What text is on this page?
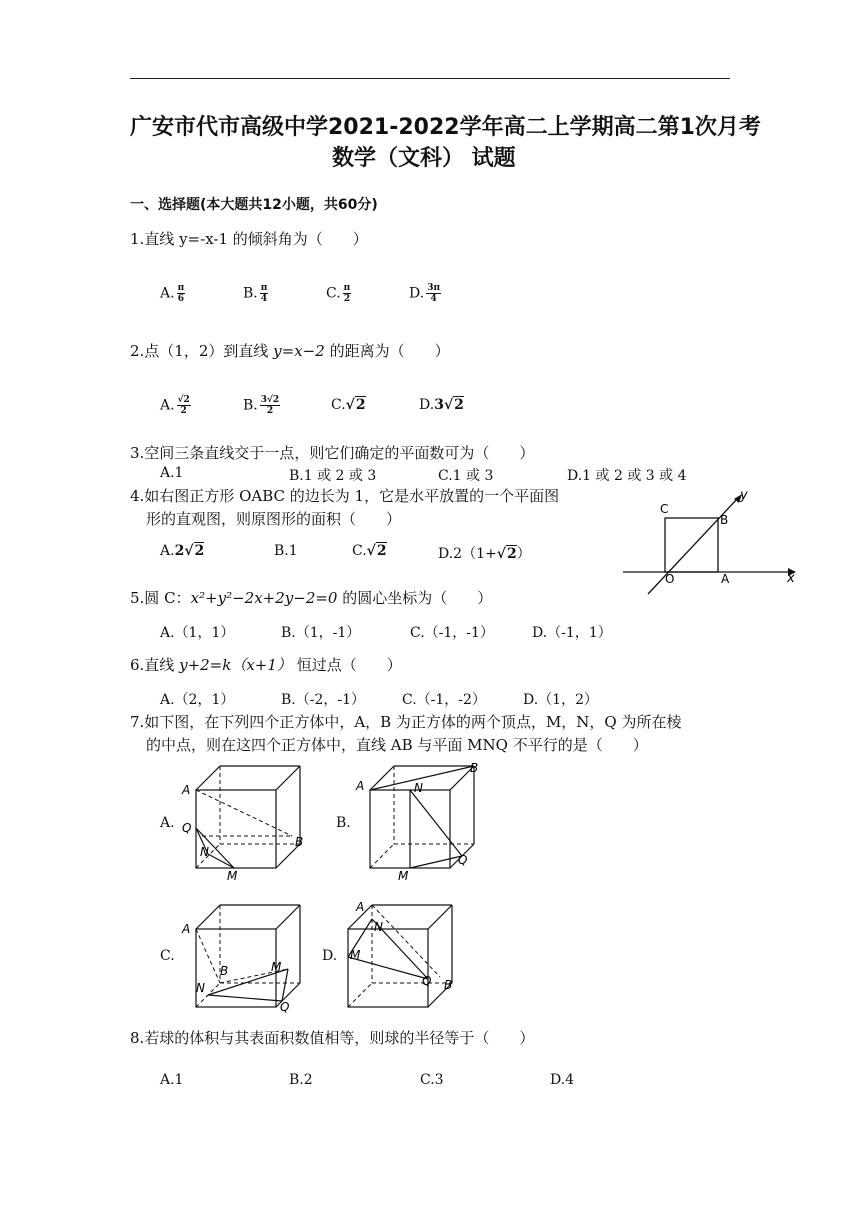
广安市代市高级中学2021-2022学年高二上学期高二第1次月考
数学（文科） 试题
一、选择题(本大题共12小题，共60分)
1.直线 y=-x-1 的倾斜角为（　　）
A. $\frac{\pi}{6}$	B. $\frac{\pi}{4}$	C. $\frac{\pi}{2}$	D. $\frac{3\pi}{4}$
2.点（1，2）到直线 y=x−2 的距离为（　　）
A. $\frac{√2}{2}$	B. $\frac{3√2}{2}$	C.√2	D.3√2
3.空间三条直线交于一点，则它们确定的平面数可为（　　）
A.1	B.1 或 2 或 3	C.1 或 3	D.1 或 2 或 3 或 4
4.如右图正方形 OABC 的边长为 1，它是水平放置的一个平面图
形的直观图，则原图形的面积（　　）
A.2√2	B.1	C.√2	D.2（1+√2）
y
x
C
B
O	A
5.圆 C：x²+y²−2x+2y−2=0 的圆心坐标为（　　）
A.（1，1）	B.（1，-1）	C.（-1，-1）	D.（-1，1）
6.直线 y+2=k（x+1） 恒过点（　　）
A.（2，1）	B.（-2，-1）	C.（-1，-2）	D.（1，2）
7.如下图，在下列四个正方体中，A，B 为正方体的两个顶点，M，N，Q 为所在棱
的中点，则在这四个正方体中，直线 AB 与平面 MNQ 不平行的是（　　）
A.
A
B
M
N
Q	B.
A
B
M
N
Q
C.
A
B	M
N
Q
D.
A
B
M
N
Q
8.若球的体积与其表面积数值相等，则球的半径等于（　　）
A.1	B.2	C.3	D.4
